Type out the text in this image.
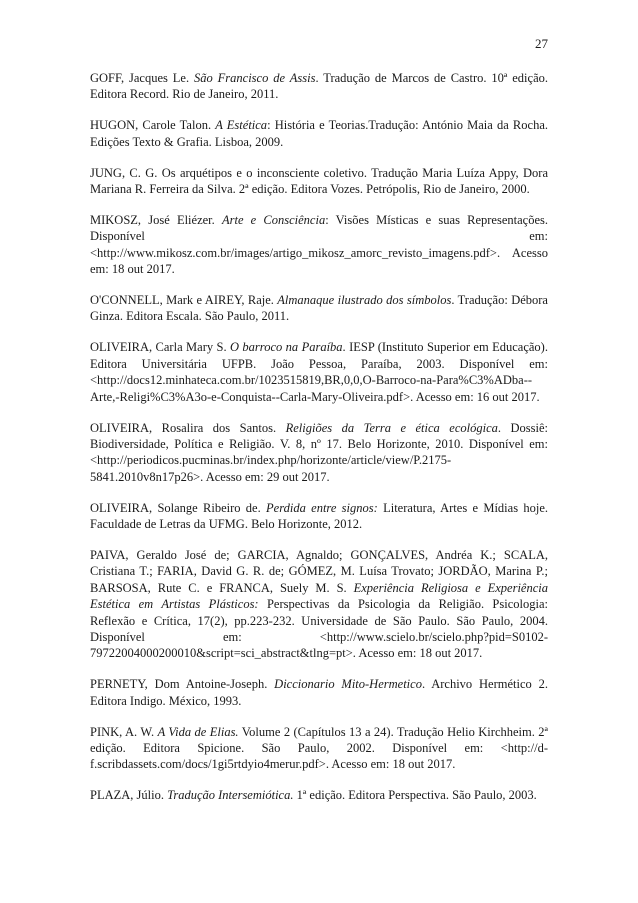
27
GOFF, Jacques Le. São Francisco de Assis. Tradução de Marcos de Castro. 10ª edição. Editora Record. Rio de Janeiro, 2011.
HUGON, Carole Talon. A Estética: História e Teorias.Tradução: António Maia da Rocha. Edições Texto & Grafia. Lisboa, 2009.
JUNG, C. G. Os arquétipos e o inconsciente coletivo. Tradução Maria Luíza Appy, Dora Mariana R. Ferreira da Silva. 2ª edição. Editora Vozes. Petrópolis, Rio de Janeiro, 2000.
MIKOSZ, José Eliézer. Arte e Consciência: Visões Místicas e suas Representações. Disponível em: <http://www.mikosz.com.br/images/artigo_mikosz_amorc_revisto_imagens.pdf>. Acesso em: 18 out 2017.
O'CONNELL, Mark e AIREY, Raje. Almanaque ilustrado dos símbolos. Tradução: Débora Ginza. Editora Escala. São Paulo, 2011.
OLIVEIRA, Carla Mary S. O barroco na Paraíba. IESP (Instituto Superior em Educação). Editora Universitária UFPB. João Pessoa, Paraíba, 2003. Disponível em: <http://docs12.minhateca.com.br/1023515819,BR,0,0,O-Barroco-na-Para%C3%ADba--Arte,-Religi%C3%A3o-e-Conquista--Carla-Mary-Oliveira.pdf>. Acesso em: 16 out 2017.
OLIVEIRA, Rosalira dos Santos. Religiões da Terra e ética ecológica. Dossiê: Biodiversidade, Política e Religião. V. 8, nº 17. Belo Horizonte, 2010. Disponível em: <http://periodicos.pucminas.br/index.php/horizonte/article/view/P.2175-5841.2010v8n17p26>. Acesso em: 29 out 2017.
OLIVEIRA, Solange Ribeiro de. Perdida entre signos: Literatura, Artes e Mídias hoje. Faculdade de Letras da UFMG. Belo Horizonte, 2012.
PAIVA, Geraldo José de; GARCIA, Agnaldo; GONÇALVES, Andréa K.; SCALA, Cristiana T.; FARIA, David G. R. de; GÓMEZ, M. Luísa Trovato; JORDÃO, Marina P.; BARSOSA, Rute C. e FRANCA, Suely M. S. Experiência Religiosa e Experiência Estética em Artistas Plásticos: Perspectivas da Psicologia da Religião. Psicologia: Reflexão e Crítica, 17(2), pp.223-232. Universidade de São Paulo. São Paulo, 2004. Disponível em: <http://www.scielo.br/scielo.php?pid=S0102-79722004000200010&script=sci_abstract&tlng=pt>. Acesso em: 18 out 2017.
PERNETY, Dom Antoine-Joseph. Diccionario Mito-Hermetico. Archivo Hermético 2. Editora Indigo. México, 1993.
PINK, A. W. A Vida de Elias. Volume 2 (Capítulos 13 a 24). Tradução Helio Kirchheim. 2ª edição. Editora Spicione. São Paulo, 2002. Disponível em: <http://d-f.scribdassets.com/docs/1gi5rtdyio4merur.pdf>. Acesso em: 18 out 2017.
PLAZA, Júlio. Tradução Intersemiótica. 1ª edição. Editora Perspectiva. São Paulo, 2003.
